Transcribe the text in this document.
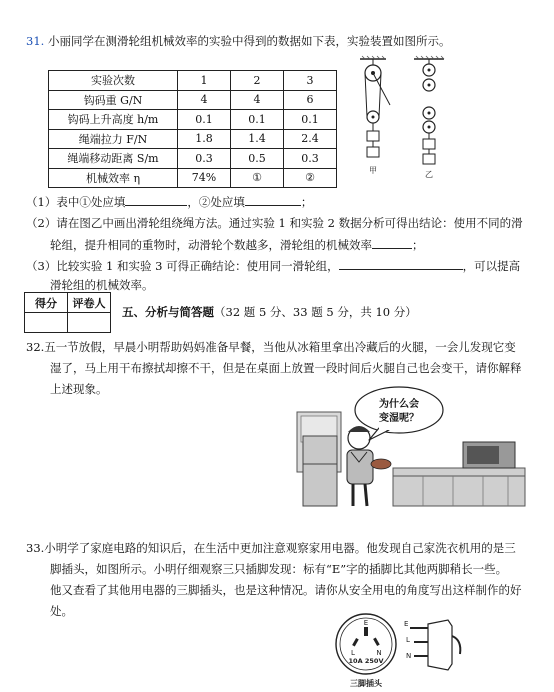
31. 小丽同学在测滑轮组机械效率的实验中得到的数据如下表，实验装置如图所示。
实验次数	1	2	3
钩码重 G/N	4	4	6
钩码上升高度 h/m	0.1	0.1	0.1
绳端拉力 F/N	1.8	1.4	2.4
绳端移动距离 S/m	0.3	0.5	0.3
机械效率 η	74%	①	②
甲	乙
（1）表中①处应填	，②处应填	；
（2）请在图乙中画出滑轮组绕绳方法。通过实验 1 和实验 2 数据分析可得出结论：使用不同的滑
轮组，提升相同的重物时，动滑轮个数越多，滑轮组的机械效率	；
（3）比较实验 1 和实验 3 可得正确结论：使用同一滑轮组，	，可以提高
滑轮组的机械效率。
得分	评卷人

五、分析与简答题（32 题 5 分、33 题 5 分，共 10 分）
32.五一节放假，早晨小明帮助妈妈准备早餐，当他从冰箱里拿出冷藏后的火腿，一会儿发现它变
湿了，马上用干布擦拭却擦不干，但是在桌面上放置一段时间后火腿自己也会变干，请你解释
上述现象。
为什么会
变湿呢？
33.小明学了家庭电路的知识后，在生活中更加注意观察家用电器。他发现自己家洗衣机用的是三
脚插头，如图所示。小明仔细观察三只插脚发现：标有“E”字的插脚比其他两脚稍长一些。
他又查看了其他用电器的三脚插头，也是这种情况。请你从安全用电的角度写出这样制作的好
处。
E
L	N
10A 250V
E
L
N
三脚插头
